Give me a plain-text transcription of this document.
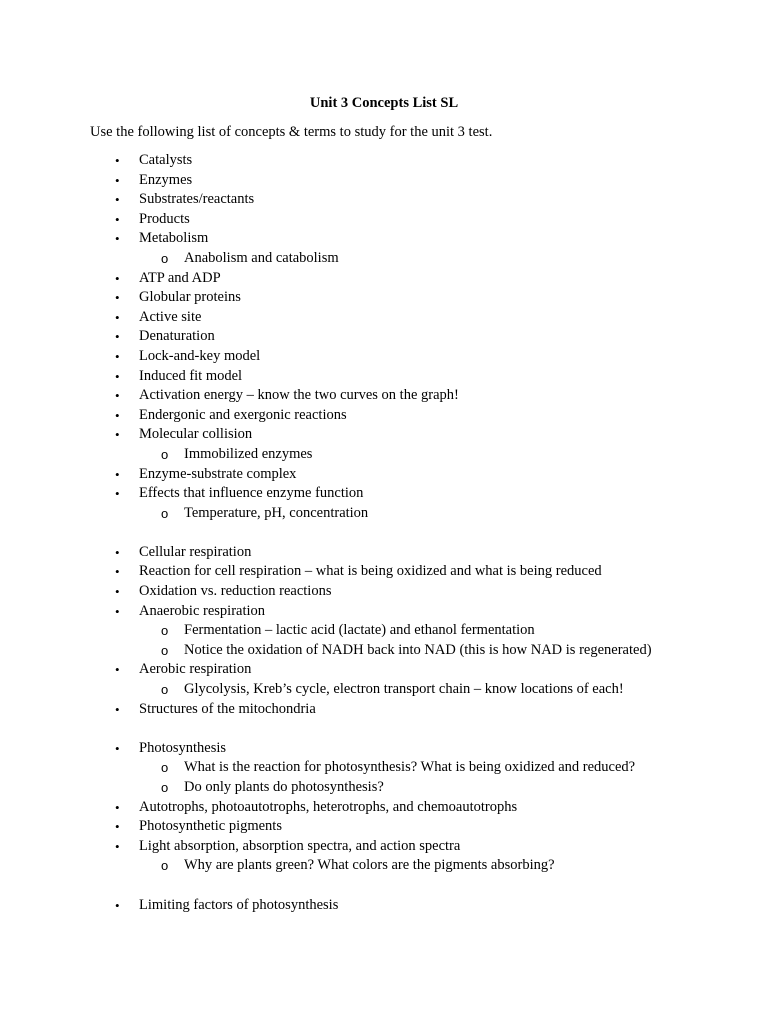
Unit 3 Concepts List SL
Use the following list of concepts & terms to study for the unit 3 test.
•
Catalysts
•
Enzymes
•
Substrates/reactants
•
Products
•
Metabolism
o Anabolism and catabolism
•
ATP and ADP
•
Globular proteins
•
Active site
•
Denaturation
•
Lock-and-key model
•
Induced fit model
•
Activation energy – know the two curves on the graph!
•
Endergonic and exergonic reactions
•
Molecular collision
o Immobilized enzymes
•
Enzyme-substrate complex
•
Effects that influence enzyme function
o Temperature, pH, concentration
•
Cellular respiration
•
Reaction for cell respiration – what is being oxidized and what is being reduced
•
Oxidation vs. reduction reactions
•
Anaerobic respiration
o Fermentation – lactic acid (lactate) and ethanol fermentation
o Notice the oxidation of NADH back into NAD (this is how NAD is regenerated)
•
Aerobic respiration
o Glycolysis, Kreb’s cycle, electron transport chain – know locations of each!
•
Structures of the mitochondria
•
Photosynthesis
o What is the reaction for photosynthesis? What is being oxidized and reduced?
o Do only plants do photosynthesis?
•
Autotrophs, photoautotrophs, heterotrophs, and chemoautotrophs
•
Photosynthetic pigments
•
Light absorption, absorption spectra, and action spectra
o Why are plants green? What colors are the pigments absorbing?
•
Limiting factors of photosynthesis
